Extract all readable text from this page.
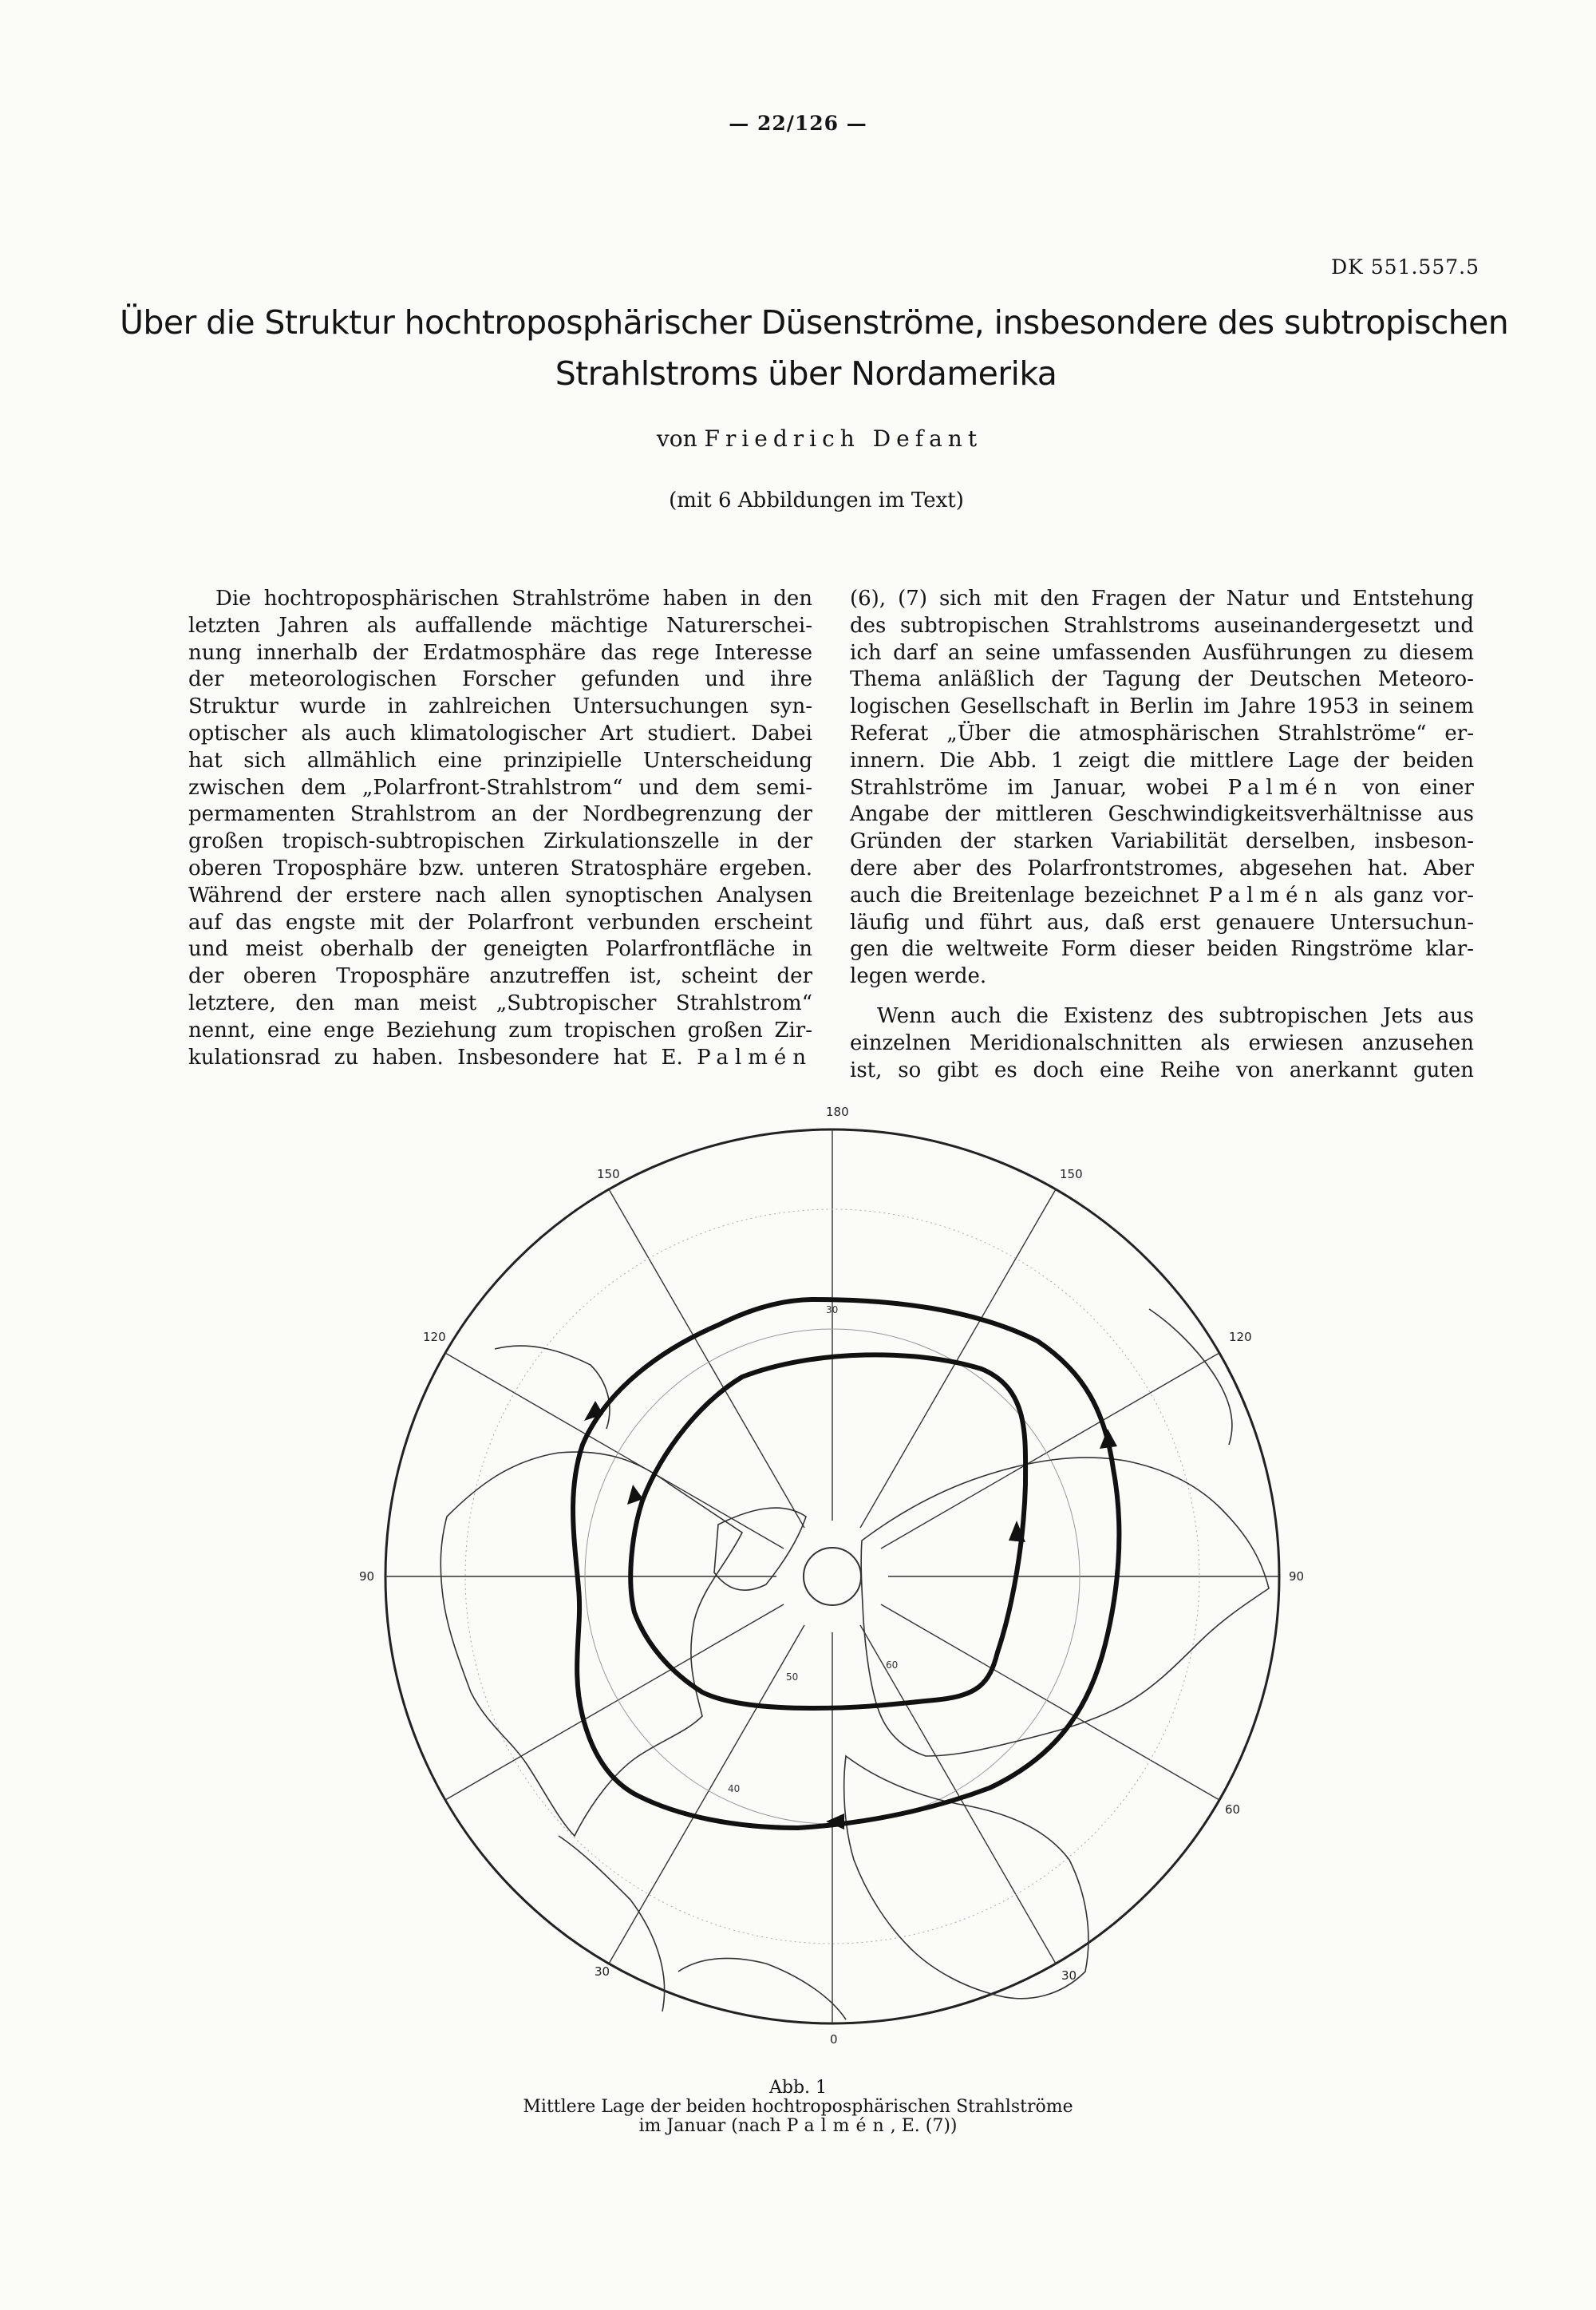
— 22/126 —
DK 551.557.5
Über die Struktur hochtroposphärischer Düsenströme, insbesondere des subtropischen
Strahlstroms über Nordamerika
von Friedrich Defant
(mit 6 Abbildungen im Text)
Die hochtroposphärischen Strahlströme haben in den
letzten Jahren als auffallende mächtige Naturerschei-
nung innerhalb der Erdatmosphäre das rege Interesse
der meteorologischen Forscher gefunden und ihre
Struktur wurde in zahlreichen Untersuchungen syn-
optischer als auch klimatologischer Art studiert. Dabei
hat sich allmählich eine prinzipielle Unterscheidung
zwischen dem „Polarfront-Strahlstrom“ und dem semi-
permamenten Strahlstrom an der Nordbegrenzung der
großen tropisch-subtropischen Zirkulationszelle in der
oberen Troposphäre bzw. unteren Stratosphäre ergeben.
Während der erstere nach allen synoptischen Analysen
auf das engste mit der Polarfront verbunden erscheint
und meist oberhalb der geneigten Polarfrontfläche in
der oberen Troposphäre anzutreffen ist, scheint der
letztere, den man meist „Subtropischer Strahlstrom“
nennt, eine enge Beziehung zum tropischen großen Zir-
kulationsrad zu haben. Insbesondere hat E. Palmén
(6), (7) sich mit den Fragen der Natur und Entstehung
des subtropischen Strahlstroms auseinandergesetzt und
ich darf an seine umfassenden Ausführungen zu diesem
Thema anläßlich der Tagung der Deutschen Meteoro-
logischen Gesellschaft in Berlin im Jahre 1953 in seinem
Referat „Über die atmosphärischen Strahlströme“ er-
innern. Die Abb. 1 zeigt die mittlere Lage der beiden
Strahlströme im Januar, wobei Palmén von einer
Angabe der mittleren Geschwindigkeitsverhältnisse aus
Gründen der starken Variabilität derselben, insbeson-
dere aber des Polarfrontstromes, abgesehen hat. Aber
auch die Breitenlage bezeichnet Palmén als ganz vor-
läufig und führt aus, daß erst genauere Untersuchun-
gen die weltweite Form dieser beiden Ringströme klar-
legen werde.
Wenn auch die Existenz des subtropischen Jets aus
einzelnen Meridionalschnitten als erwiesen anzusehen
ist, so gibt es doch eine Reihe von anerkannt guten
180
150
120
90
60
30
0
30
90
120
150
50
40
30
60
Abb. 1
Mittlere Lage der beiden hochtroposphärischen Strahlströme
im Januar (nach Palmén, E. (7))
